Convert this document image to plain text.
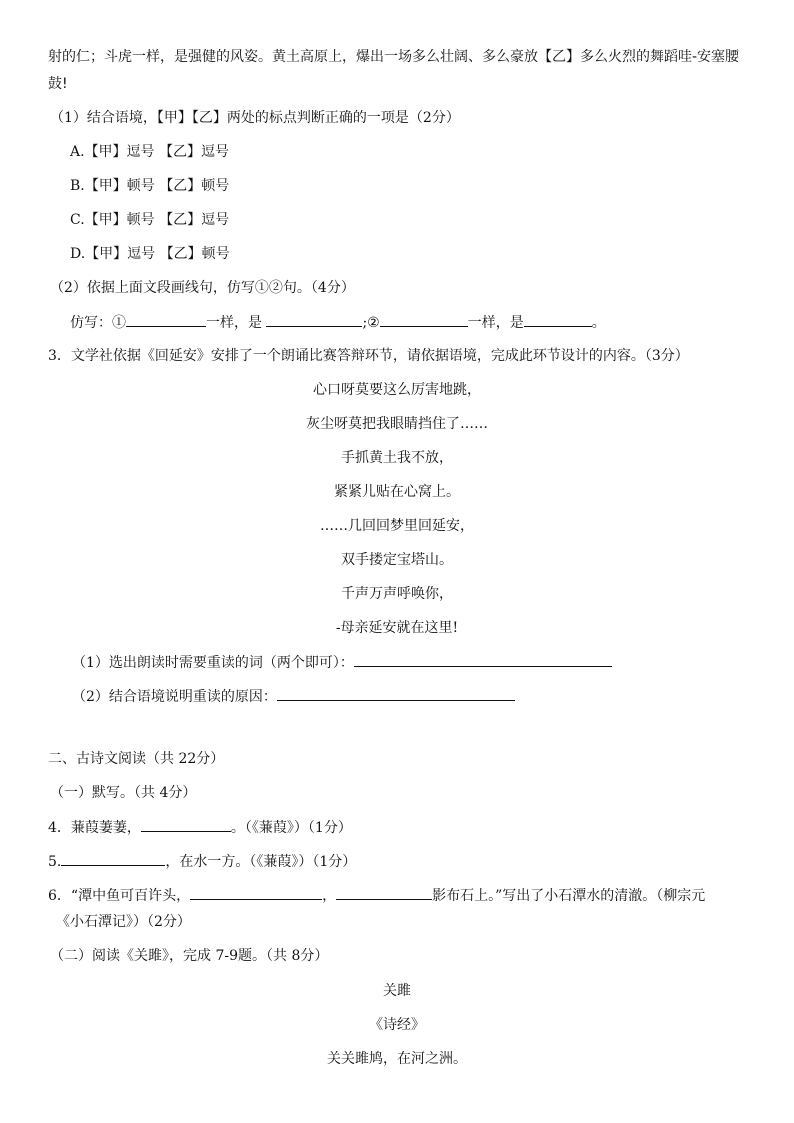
射的仁；斗虎一样，是强健的风姿。黄土高原上，爆出一场多么壮阔、多么豪放【乙】多么火烈的舞蹈哇-安塞腰
鼓!
（1）结合语境，【甲】【乙】两处的标点判断正确的一项是（2分）
A.【甲】逗号 【乙】逗号
B.【甲】顿号 【乙】顿号
C.【甲】顿号 【乙】逗号
D.【甲】逗号 【乙】顿号
（2）依据上面文段画线句，仿写①②句。（4分）
仿写：①	一样，是	;②	一样，是	。
3．文学社依据《回延安》安排了一个朗诵比赛答辩环节，请依据语境，完成此环节设计的内容。（3分）
心口呀莫要这么厉害地跳，
灰尘呀莫把我眼睛挡住了……
手抓黄土我不放，
紧紧儿贴在心窝上。
……几回回梦里回延安，
双手搂定宝塔山。
千声万声呼唤你，
-母亲延安就在这里!
（1）选出朗读时需要重读的词（两个即可）：
（2）结合语境说明重读的原因：
二、古诗文阅读（共 22分）
（一）默写。（共 4分）
4．蒹葭萋萋，	。（《蒹葭》）（1分）
5.	，在水一方。（《蒹葭》）（1分）
6．“潭中鱼可百许头，	，	影布石上。”写出了小石潭水的清澈。（柳宗元
《小石潭记》）（2分）
（二）阅读《关雎》，完成 7-9题。（共 8分）
关雎
《诗经》
关关雎鸠，在河之洲。
